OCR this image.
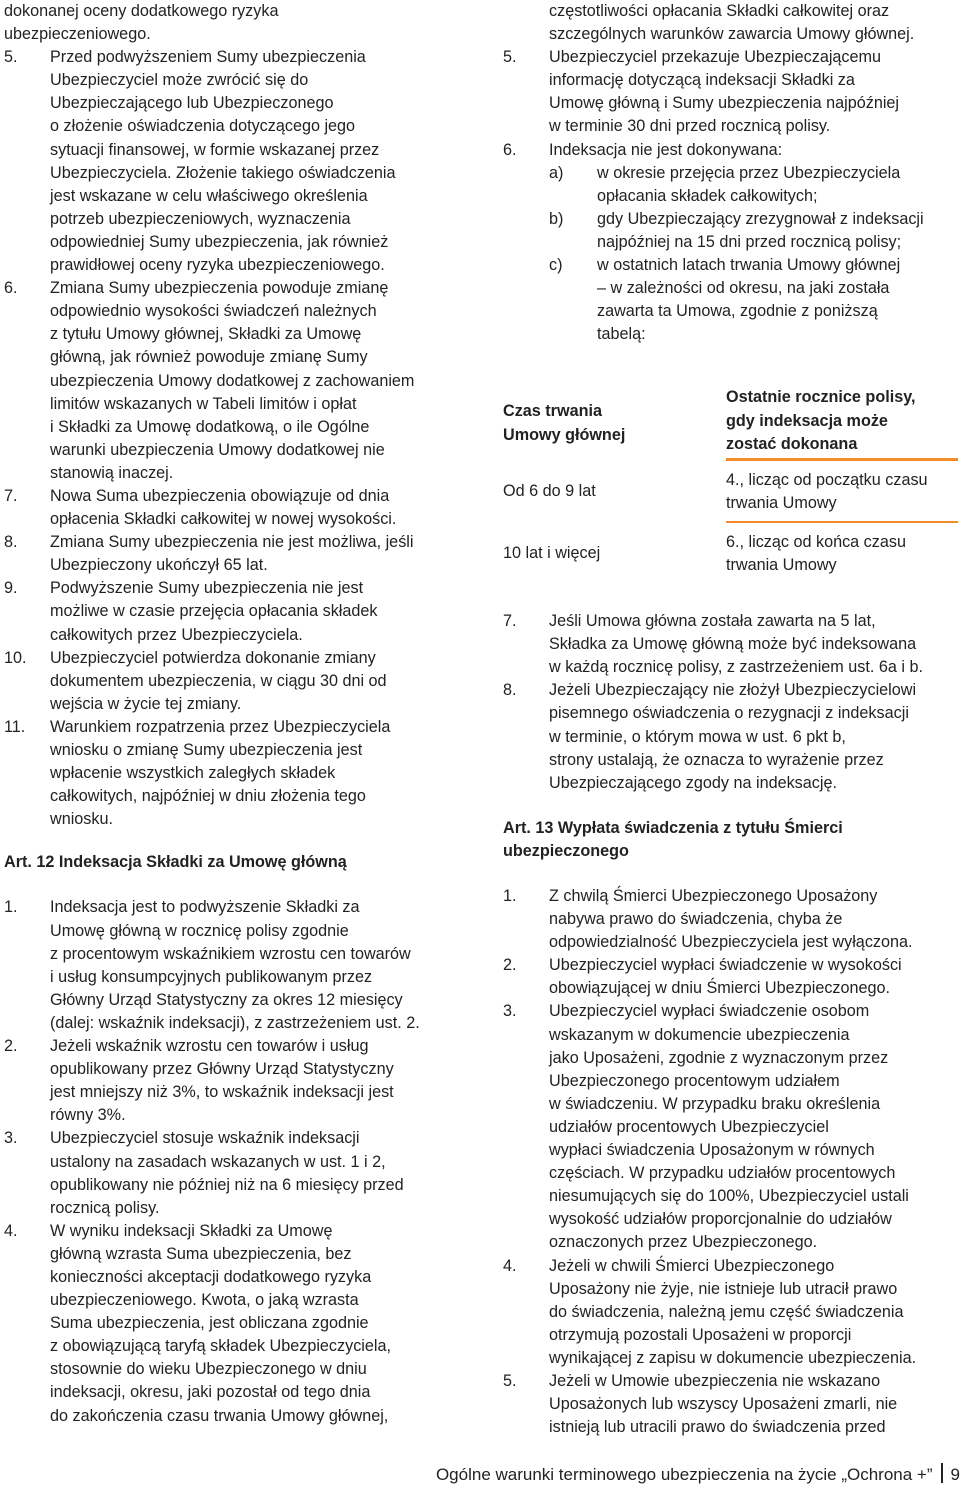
dokonanej oceny dodatkowego ryzyka
ubezpieczeniowego.
5. Przed podwyższeniem Sumy ubezpieczenia
Ubezpieczyciel może zwrócić się do
Ubezpieczającego lub Ubezpieczonego
o złożenie oświadczenia dotyczącego jego
sytuacji finansowej, w formie wskazanej przez
Ubezpieczyciela. Złożenie takiego oświadczenia
jest wskazane w celu właściwego określenia
potrzeb ubezpieczeniowych, wyznaczenia
odpowiedniej Sumy ubezpieczenia, jak również
prawidłowej oceny ryzyka ubezpieczeniowego.
6. Zmiana Sumy ubezpieczenia powoduje zmianę
odpowiednio wysokości świadczeń należnych
z tytułu Umowy głównej, Składki za Umowę
główną, jak również powoduje zmianę Sumy
ubezpieczenia Umowy dodatkowej z zachowaniem
limitów wskazanych w Tabeli limitów i opłat
i Składki za Umowę dodatkową, o ile Ogólne
warunki ubezpieczenia Umowy dodatkowej nie
stanowią inaczej.
7. Nowa Suma ubezpieczenia obowiązuje od dnia
opłacenia Składki całkowitej w nowej wysokości.
8. Zmiana Sumy ubezpieczenia nie jest możliwa, jeśli
Ubezpieczony ukończył 65 lat.
9. Podwyższenie Sumy ubezpieczenia nie jest
możliwe w czasie przejęcia opłacania składek
całkowitych przez Ubezpieczyciela.
10. Ubezpieczyciel potwierdza dokonanie zmiany
dokumentem ubezpieczenia, w ciągu 30 dni od
wejścia w życie tej zmiany.
11. Warunkiem rozpatrzenia przez Ubezpieczyciela
wniosku o zmianę Sumy ubezpieczenia jest
wpłacenie wszystkich zaległych składek
całkowitych, najpóźniej w dniu złożenia tego
wniosku.
Art. 12 Indeksacja Składki za Umowę główną
1. Indeksacja jest to podwyższenie Składki za
Umowę główną w rocznicę polisy zgodnie
z procentowym wskaźnikiem wzrostu cen towarów
i usług konsumpcyjnych publikowanym przez
Główny Urząd Statystyczny za okres 12 miesięcy
(dalej: wskaźnik indeksacji), z zastrzeżeniem ust. 2.
2. Jeżeli wskaźnik wzrostu cen towarów i usług
opublikowany przez Główny Urząd Statystyczny
jest mniejszy niż 3%, to wskaźnik indeksacji jest
równy 3%.
3. Ubezpieczyciel stosuje wskaźnik indeksacji
ustalony na zasadach wskazanych w ust. 1 i 2,
opublikowany nie później niż na 6 miesięcy przed
rocznicą polisy.
4. W wyniku indeksacji Składki za Umowę
główną wzrasta Suma ubezpieczenia, bez
konieczności akceptacji dodatkowego ryzyka
ubezpieczeniowego. Kwota, o jaką wzrasta
Suma ubezpieczenia, jest obliczana zgodnie
z obowiązującą taryfą składek Ubezpieczyciela,
stosownie do wieku Ubezpieczonego w dniu
indeksacji, okresu, jaki pozostał od tego dnia
do zakończenia czasu trwania Umowy głównej,
częstotliwości opłacania Składki całkowitej oraz
szczególnych warunków zawarcia Umowy głównej.
5. Ubezpieczyciel przekazuje Ubezpieczającemu
informację dotyczącą indeksacji Składki za
Umowę główną i Sumy ubezpieczenia najpóźniej
w terminie 30 dni przed rocznicą polisy.
6. Indeksacja nie jest dokonywana:
a) w okresie przejęcia przez Ubezpieczyciela
opłacania składek całkowitych;
b) gdy Ubezpieczający zrezygnował z indeksacji
najpóźniej na 15 dni przed rocznicą polisy;
c) w ostatnich latach trwania Umowy głównej
– w zależności od okresu, na jaki została
zawarta ta Umowa, zgodnie z poniższą
tabelą:
Czas trwania
Umowy głównej
Ostatnie rocznice polisy,
gdy indeksacja może
zostać dokonana
Od 6 do 9 lat
4., licząc od początku czasu
trwania Umowy
10 lat i więcej
6., licząc od końca czasu
trwania Umowy
7. Jeśli Umowa główna została zawarta na 5 lat,
Składka za Umowę główną może być indeksowana
w każdą rocznicę polisy, z zastrzeżeniem ust. 6a i b.
8. Jeżeli Ubezpieczający nie złożył Ubezpieczycielowi
pisemnego oświadczenia o rezygnacji z indeksacji
w terminie, o którym mowa w ust. 6 pkt b,
strony ustalają, że oznacza to wyrażenie przez
Ubezpieczającego zgody na indeksację.
Art. 13 Wypłata świadczenia z tytułu Śmierci
ubezpieczonego
1. Z chwilą Śmierci Ubezpieczonego Uposażony
nabywa prawo do świadczenia, chyba że
odpowiedzialność Ubezpieczyciela jest wyłączona.
2. Ubezpieczyciel wypłaci świadczenie w wysokości
obowiązującej w dniu Śmierci Ubezpieczonego.
3. Ubezpieczyciel wypłaci świadczenie osobom
wskazanym w dokumencie ubezpieczenia
jako Uposażeni, zgodnie z wyznaczonym przez
Ubezpieczonego procentowym udziałem
w świadczeniu. W przypadku braku określenia
udziałów procentowych Ubezpieczyciel
wypłaci świadczenia Uposażonym w równych
częściach. W przypadku udziałów procentowych
niesumujących się do 100%, Ubezpieczyciel ustali
wysokość udziałów proporcjonalnie do udziałów
oznaczonych przez Ubezpieczonego.
4. Jeżeli w chwili Śmierci Ubezpieczonego
Uposażony nie żyje, nie istnieje lub utracił prawo
do świadczenia, należną jemu część świadczenia
otrzymują pozostali Uposażeni w proporcji
wynikającej z zapisu w dokumencie ubezpieczenia.
5. Jeżeli w Umowie ubezpieczenia nie wskazano
Uposażonych lub wszyscy Uposażeni zmarli, nie
istnieją lub utracili prawo do świadczenia przed
Ogólne warunki terminowego ubezpieczenia na życie „Ochrona +” 9
